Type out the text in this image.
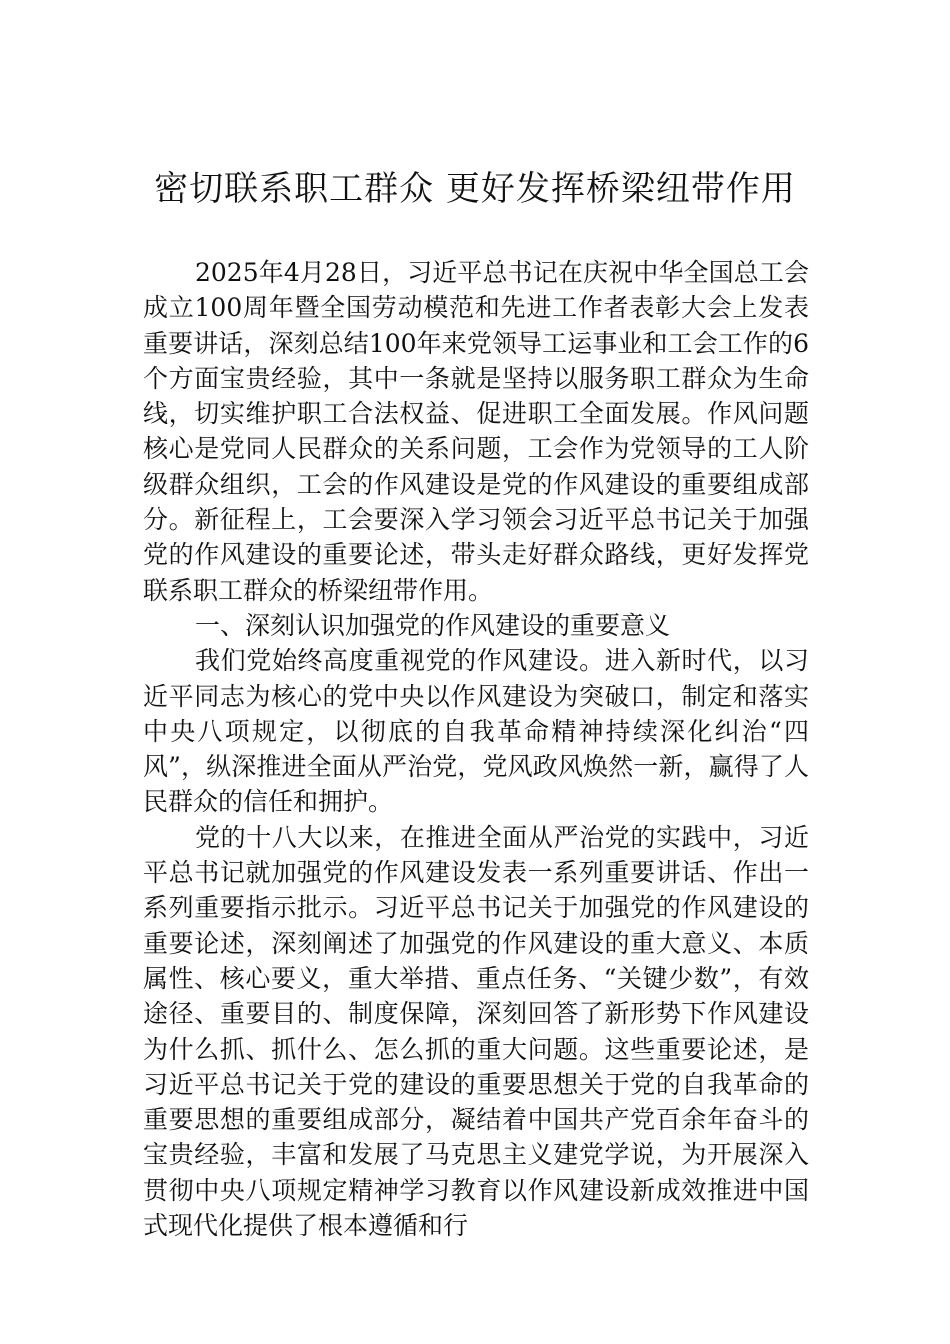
密切联系职工群众 更好发挥桥梁纽带作用

2025年4月28日，习近平总书记在庆祝中华全国总工会成立100周年暨全国劳动模范和先进工作者表彰大会上发表重要讲话，深刻总结100年来党领导工运事业和工会工作的6个方面宝贵经验，其中一条就是坚持以服务职工群众为生命线，切实维护职工合法权益、促进职工全面发展。作风问题核心是党同人民群众的关系问题，工会作为党领导的工人阶级群众组织，工会的作风建设是党的作风建设的重要组成部分。新征程上，工会要深入学习领会习近平总书记关于加强党的作风建设的重要论述，带头走好群众路线，更好发挥党联系职工群众的桥梁纽带作用。

一、深刻认识加强党的作风建设的重要意义

我们党始终高度重视党的作风建设。进入新时代，以习近平同志为核心的党中央以作风建设为突破口，制定和落实中央八项规定，以彻底的自我革命精神持续深化纠治“四风”，纵深推进全面从严治党，党风政风焕然一新，赢得了人民群众的信任和拥护。

党的十八大以来，在推进全面从严治党的实践中，习近平总书记就加强党的作风建设发表一系列重要讲话、作出一系列重要指示批示。习近平总书记关于加强党的作风建设的重要论述，深刻阐述了加强党的作风建设的重大意义、本质属性、核心要义，重大举措、重点任务、“关键少数”，有效途径、重要目的、制度保障，深刻回答了新形势下作风建设为什么抓、抓什么、怎么抓的重大问题。这些重要论述，是习近平总书记关于党的建设的重要思想关于党的自我革命的重要思想的重要组成部分，凝结着中国共产党百余年奋斗的宝贵经验，丰富和发展了马克思主义建党学说，为开展深入贯彻中央八项规定精神学习教育以作风建设新成效推进中国式现代化提供了根本遵循和行
